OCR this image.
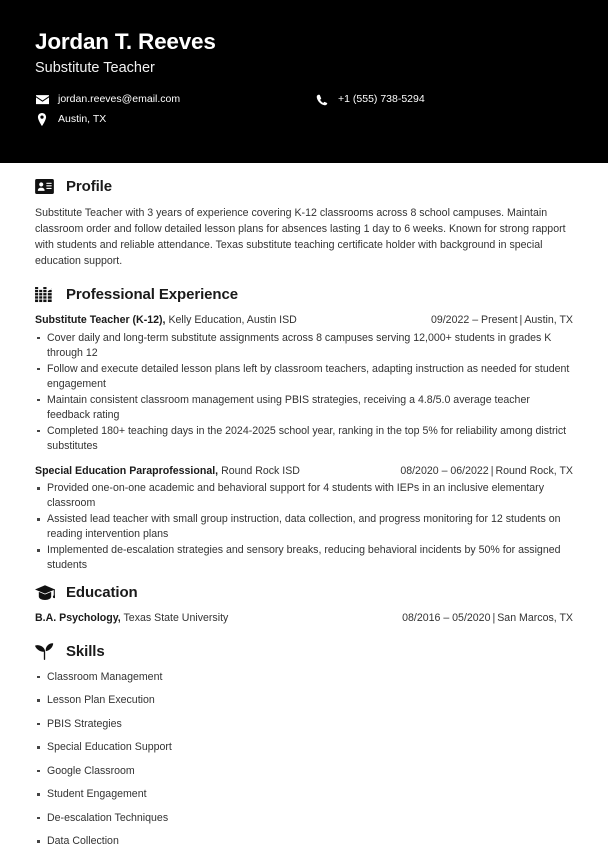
Jordan T. Reeves
Substitute Teacher
jordan.reeves@email.com	+1 (555) 738-5294
Austin, TX
Profile

Substitute Teacher with 3 years of experience covering K-12 classrooms across 8 school campuses. Maintain classroom order and follow detailed lesson plans for absences lasting 1 day to 6 weeks. Known for strong rapport with students and reliable attendance. Texas substitute teaching certificate holder with background in special education support.

Professional Experience
Substitute Teacher (K-12), Kelly Education, Austin ISD	09/2022 – Present | Austin, TX
Cover daily and long-term substitute assignments across 8 campuses serving 12,000+ students in grades K through 12
Follow and execute detailed lesson plans left by classroom teachers, adapting instruction as needed for student engagement
Maintain consistent classroom management using PBIS strategies, receiving a 4.8/5.0 average teacher feedback rating
Completed 180+ teaching days in the 2024-2025 school year, ranking in the top 5% for reliability among district substitutes
Special Education Paraprofessional, Round Rock ISD	08/2020 – 06/2022 | Round Rock, TX
Provided one-on-one academic and behavioral support for 4 students with IEPs in an inclusive elementary classroom
Assisted lead teacher with small group instruction, data collection, and progress monitoring for 12 students on reading intervention plans
Implemented de-escalation strategies and sensory breaks, reducing behavioral incidents by 50% for assigned students
Education
B.A. Psychology, Texas State University	08/2016 – 05/2020 | San Marcos, TX
Skills
Classroom Management
Lesson Plan Execution
PBIS Strategies
Special Education Support
Google Classroom
Student Engagement
De-escalation Techniques
Data Collection
